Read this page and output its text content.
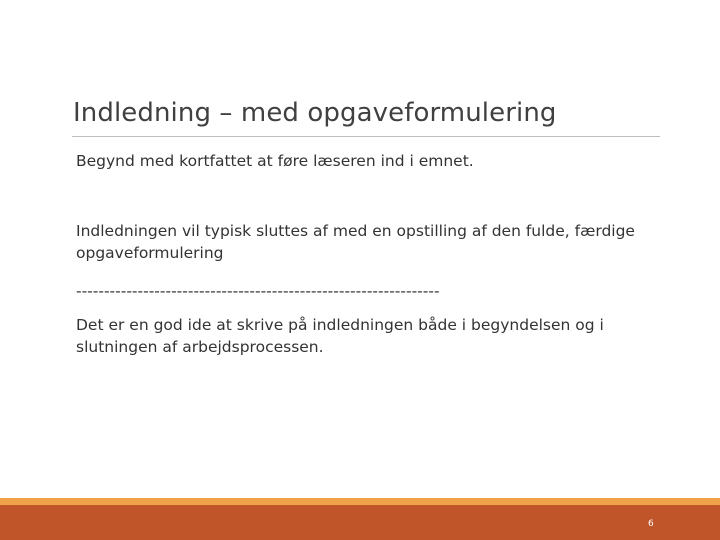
Indledning – med opgaveformulering

Begynd med kortfattet at føre læseren ind i emnet.

Indledningen vil typisk sluttes af med en opstilling af den fulde, færdige opgaveformulering

-----------------------------------------------------------------

Det er en god ide at skrive på indledningen både i begyndelsen og i slutningen af arbejdsprocessen.

6
